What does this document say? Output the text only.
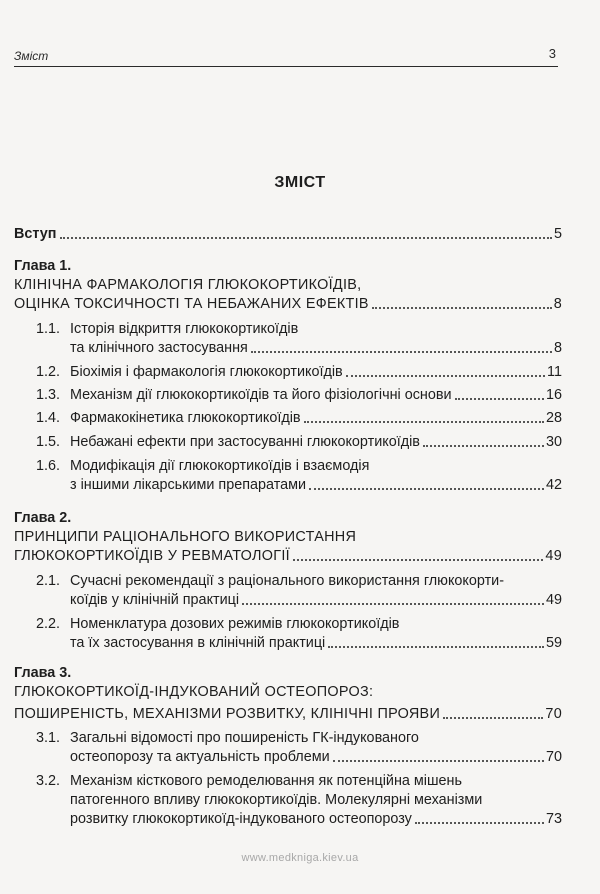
Зміст	3
ЗМІСТ
Вступ	5
Глава 1.
КЛІНІЧНА ФАРМАКОЛОГІЯ ГЛЮКОКОРТИКОЇДІВ,
ОЦІНКА ТОКСИЧНОСТІ ТА НЕБАЖАНИХ ЕФЕКТІВ	8
1.1. Історія відкриття глюкокортикоїдів
та клінічного застосування	8
1.2. Біохімія і фармакологія глюкокортикоїдів	11
1.3. Механізм дії глюкокортикоїдів та його фізіологічні основи	16
1.4. Фармакокінетика глюкокортикоїдів	28
1.5. Небажані ефекти при застосуванні глюкокортикоїдів	30
1.6. Модифікація дії глюкокортикоїдів і взаємодія
з іншими лікарськими препаратами	42
Глава 2.
ПРИНЦИПИ РАЦІОНАЛЬНОГО ВИКОРИСТАННЯ
ГЛЮКОКОРТИКОЇДІВ У РЕВМАТОЛОГІЇ	49
2.1. Сучасні рекомендації з раціонального використання глюкокорти-
коїдів у клінічній практиці	49
2.2. Номенклатура дозових режимів глюкокортикоїдів
та їх застосування в клінічній практиці	59
Глава 3.
ГЛЮКОКОРТИКОЇД-ІНДУКОВАНИЙ ОСТЕОПОРОЗ:
ПОШИРЕНІСТЬ, МЕХАНІЗМИ РОЗВИТКУ, КЛІНІЧНІ ПРОЯВИ	70
3.1. Загальні відомості про поширеність ГК-індукованого
остеопорозу та актуальність проблеми	70
3.2. Механізм кісткового ремоделювання як потенційна мішень
патогенного впливу глюкокортикоїдів. Молекулярні механізми
розвитку глюкокортикоїд-індукованого остеопорозу	73
www.medkniga.kiev.ua
